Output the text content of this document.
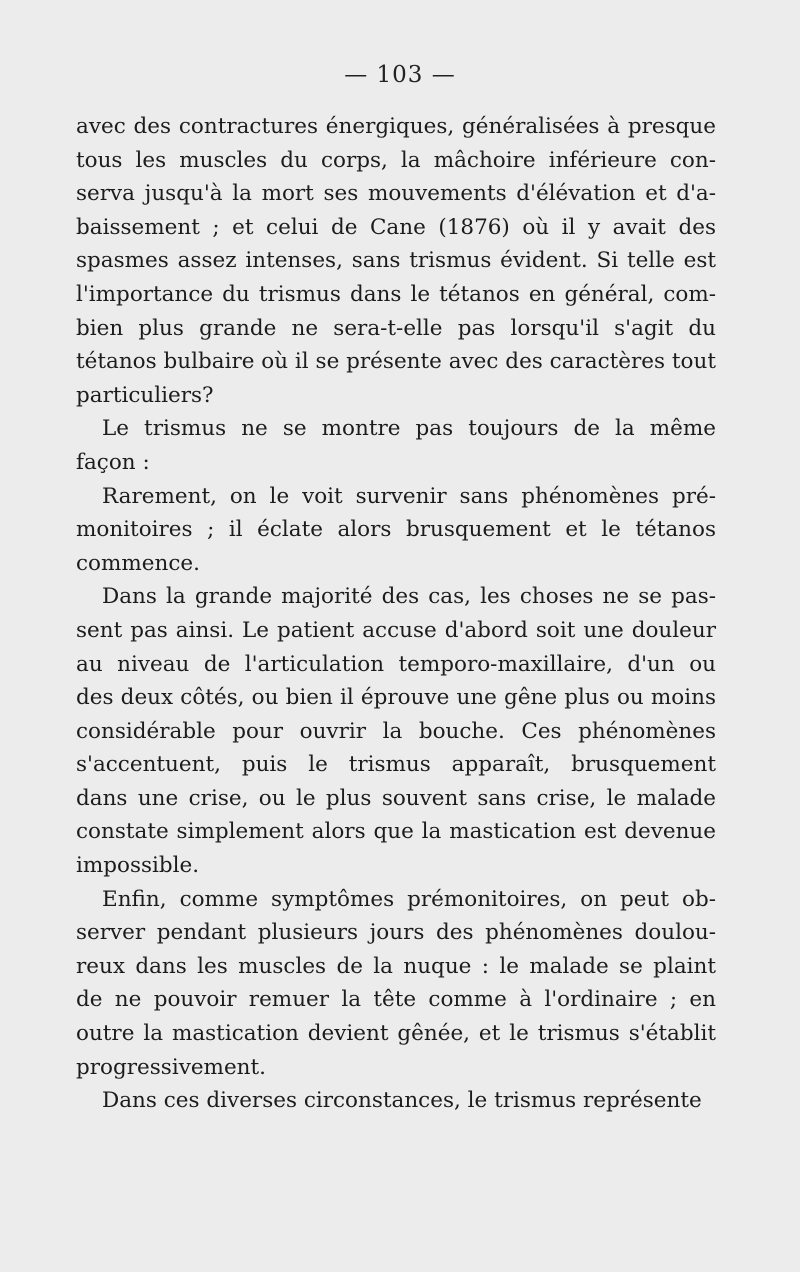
— 103 —
avec des contractures énergiques, généralisées à presque
tous les muscles du corps, la mâchoire inférieure con-
serva jusqu'à la mort ses mouvements d'élévation et d'a-
baissement ; et celui de Cane (1876) où il y avait des
spasmes assez intenses, sans trismus évident. Si telle est
l'importance du trismus dans le tétanos en général, com-
bien plus grande ne sera-t-elle pas lorsqu'il s'agit du
tétanos bulbaire où il se présente avec des caractères tout
particuliers?
Le trismus ne se montre pas toujours de la même
façon :
Rarement, on le voit survenir sans phénomènes pré-
monitoires ; il éclate alors brusquement et le tétanos
commence.
Dans la grande majorité des cas, les choses ne se pas-
sent pas ainsi. Le patient accuse d'abord soit une douleur
au niveau de l'articulation temporo-maxillaire, d'un ou
des deux côtés, ou bien il éprouve une gêne plus ou moins
considérable pour ouvrir la bouche. Ces phénomènes
s'accentuent, puis le trismus apparaît, brusquement
dans une crise, ou le plus souvent sans crise, le malade
constate simplement alors que la mastication est devenue
impossible.
Enfin, comme symptômes prémonitoires, on peut ob-
server pendant plusieurs jours des phénomènes doulou-
reux dans les muscles de la nuque : le malade se plaint
de ne pouvoir remuer la tête comme à l'ordinaire ; en
outre la mastication devient gênée, et le trismus s'établit
progressivement.
Dans ces diverses circonstances, le trismus représente
